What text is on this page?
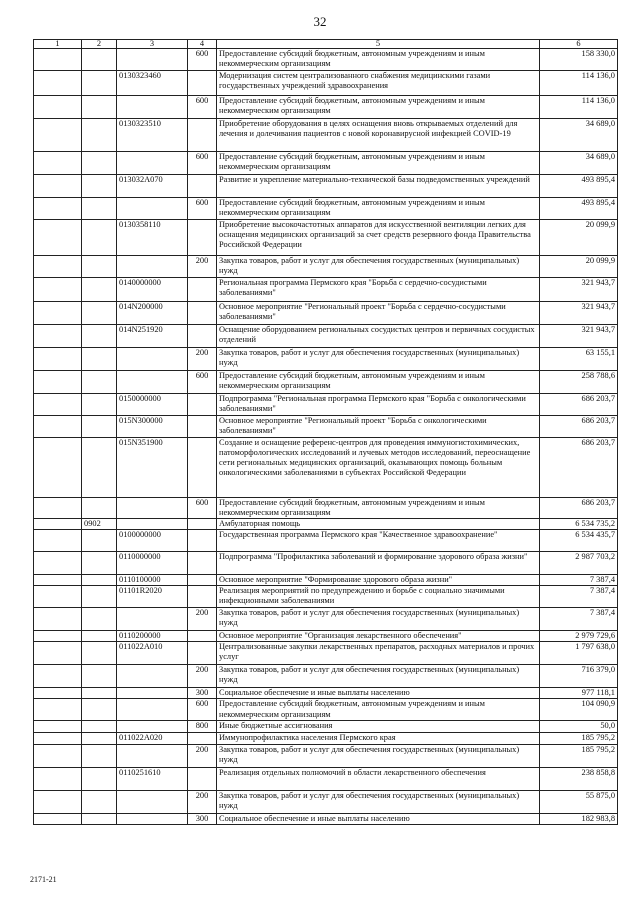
32
1	2	3	4	5	6
			600	Предоставление субсидий бюджетным, автономным учреждениям и иным некоммерческим организациям	158 330,0
		0130323460		Модернизация систем централизованного снабжения медицинскими газами государственных учреждений здравоохранения	114 136,0
			600	Предоставление субсидий бюджетным, автономным учреждениям и иным некоммерческим организациям	114 136,0
		0130323510		Приобретение оборудования в целях оснащения вновь открываемых отделений для лечения и долечивания пациентов с новой коронавирусной инфекцией COVID-19	34 689,0
			600	Предоставление субсидий бюджетным, автономным учреждениям и иным некоммерческим организациям	34 689,0
		013032А070		Развитие и укрепление материально-технической базы подведомственных учреждений	493 895,4
			600	Предоставление субсидий бюджетным, автономным учреждениям и иным некоммерческим организациям	493 895,4
		0130358110		Приобретение высокочастотных аппаратов для искусственной вентиляции легких для оснащения медицинских организаций за счет средств резервного фонда Правительства Российской Федерации	20 099,9
			200	Закупка товаров, работ и услуг для обеспечения государственных (муниципальных) нужд	20 099,9
		0140000000		Региональная программа Пермского края "Борьба с сердечно-сосудистыми заболеваниями"	321 943,7
		014N200000		Основное мероприятие "Региональный проект "Борьба с сердечно-сосудистыми заболеваниями"	321 943,7
		014N251920		Оснащение оборудованием региональных сосудистых центров и первичных сосудистых отделений	321 943,7
			200	Закупка товаров, работ и услуг для обеспечения государственных (муниципальных) нужд	63 155,1
			600	Предоставление субсидий бюджетным, автономным учреждениям и иным некоммерческим организациям	258 788,6
		0150000000		Подпрограмма "Региональная программа Пермского края "Борьба с онкологическими заболеваниями"	686 203,7
		015N300000		Основное мероприятие "Региональный проект "Борьба с онкологическими заболеваниями"	686 203,7
		015N351900		Создание и оснащение референс-центров для проведения иммуногистохимических, патоморфологических исследований и лучевых методов исследований, переоснащение сети региональных медицинских организаций, оказывающих помощь больным онкологическими заболеваниями в субъектах Российской Федерации	686 203,7
			600	Предоставление субсидий бюджетным, автономным учреждениям и иным некоммерческим организациям	686 203,7
	0902			Амбулаторная помощь	6 534 735,2
		0100000000		Государственная программа Пермского края "Качественное здравоохранение"	6 534 435,7
		0110000000		Подпрограмма "Профилактика заболеваний и формирование здорового образа жизни"	2 987 703,2
		0110100000		Основное мероприятие "Формирование здорового образа жизни"	7 387,4
		01101R2020		Реализация мероприятий по предупреждению и борьбе с социально значимыми инфекционными заболеваниями	7 387,4
			200	Закупка товаров, работ и услуг для обеспечения государственных (муниципальных) нужд	7 387,4
		0110200000		Основное мероприятие "Организация лекарственного обеспечения"	2 979 729,6
		011022А010		Централизованные закупки лекарственных препаратов, расходных материалов и прочих услуг	1 797 638,0
			200	Закупка товаров, работ и услуг для обеспечения государственных (муниципальных) нужд	716 379,0
			300	Социальное обеспечение и иные выплаты населению	977 118,1
			600	Предоставление субсидий бюджетным, автономным учреждениям и иным некоммерческим организациям	104 090,9
			800	Иные бюджетные ассигнования	50,0
		011022А020		Иммунопрофилактика населения Пермского края	185 795,2
			200	Закупка товаров, работ и услуг для обеспечения государственных (муниципальных) нужд	185 795,2
		0110251610		Реализация отдельных полномочий в области лекарственного обеспечения	238 858,8
			200	Закупка товаров, работ и услуг для обеспечения государственных (муниципальных) нужд	55 875,0
			300	Социальное обеспечение и иные выплаты населению	182 983,8
2171-21
